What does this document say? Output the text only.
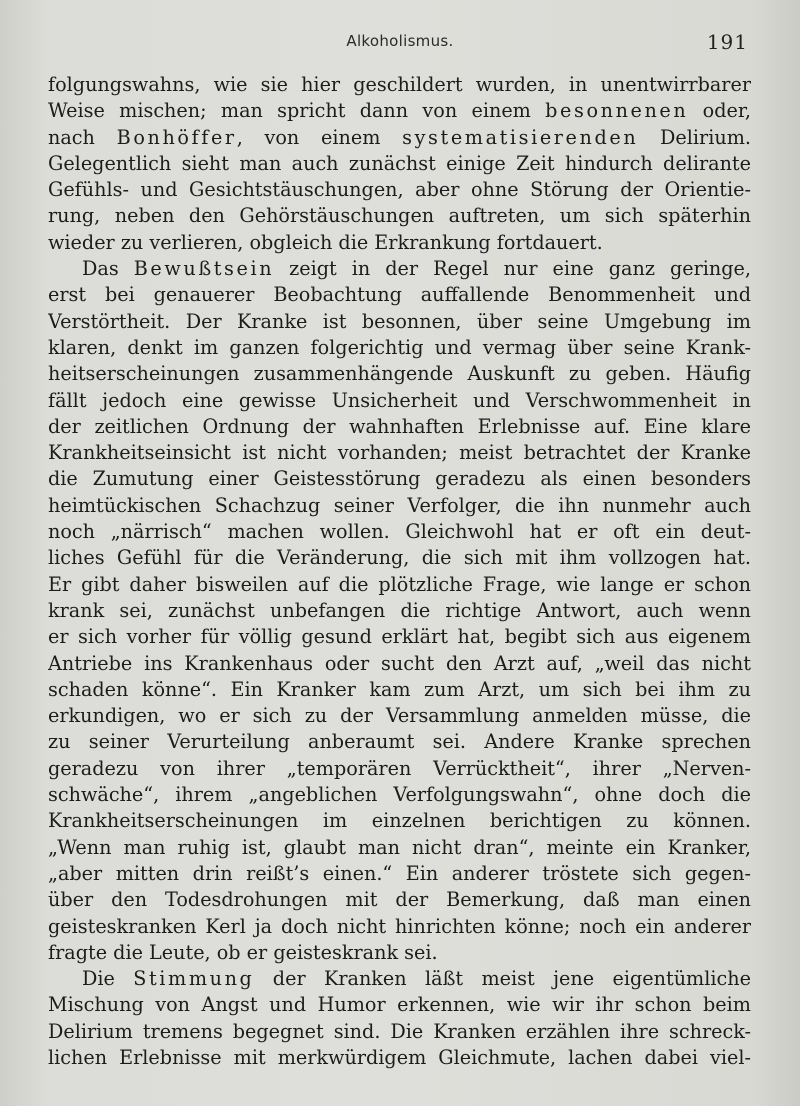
Alkoholismus.	191
folgungswahns, wie sie hier geschildert wurden, in unentwirrbarer
Weise mischen; man spricht dann von einem besonnenen oder,
nach Bonhöffer, von einem systematisierenden Delirium.
Gelegentlich sieht man auch zunächst einige Zeit hindurch delirante
Gefühls- und Gesichtstäuschungen, aber ohne Störung der Orientie-
rung, neben den Gehörstäuschungen auftreten, um sich späterhin
wieder zu verlieren, obgleich die Erkrankung fortdauert.
Das Bewußtsein zeigt in der Regel nur eine ganz geringe,
erst bei genauerer Beobachtung auffallende Benommenheit und
Verstörtheit. Der Kranke ist besonnen, über seine Umgebung im
klaren, denkt im ganzen folgerichtig und vermag über seine Krank-
heitserscheinungen zusammenhängende Auskunft zu geben. Häufig
fällt jedoch eine gewisse Unsicherheit und Verschwommenheit in
der zeitlichen Ordnung der wahnhaften Erlebnisse auf. Eine klare
Krankheitseinsicht ist nicht vorhanden; meist betrachtet der Kranke
die Zumutung einer Geistesstörung geradezu als einen besonders
heimtückischen Schachzug seiner Verfolger, die ihn nunmehr auch
noch „närrisch“ machen wollen. Gleichwohl hat er oft ein deut-
liches Gefühl für die Veränderung, die sich mit ihm vollzogen hat.
Er gibt daher bisweilen auf die plötzliche Frage, wie lange er schon
krank sei, zunächst unbefangen die richtige Antwort, auch wenn
er sich vorher für völlig gesund erklärt hat, begibt sich aus eigenem
Antriebe ins Krankenhaus oder sucht den Arzt auf, „weil das nicht
schaden könne“. Ein Kranker kam zum Arzt, um sich bei ihm zu
erkundigen, wo er sich zu der Versammlung anmelden müsse, die
zu seiner Verurteilung anberaumt sei. Andere Kranke sprechen
geradezu von ihrer „temporären Verrücktheit“, ihrer „Nerven-
schwäche“, ihrem „angeblichen Verfolgungswahn“, ohne doch die
Krankheitserscheinungen im einzelnen berichtigen zu können.
„Wenn man ruhig ist, glaubt man nicht dran“, meinte ein Kranker,
„aber mitten drin reißt’s einen.“ Ein anderer tröstete sich gegen-
über den Todesdrohungen mit der Bemerkung, daß man einen
geisteskranken Kerl ja doch nicht hinrichten könne; noch ein anderer
fragte die Leute, ob er geisteskrank sei.
Die Stimmung der Kranken läßt meist jene eigentümliche
Mischung von Angst und Humor erkennen, wie wir ihr schon beim
Delirium tremens begegnet sind. Die Kranken erzählen ihre schreck-
lichen Erlebnisse mit merkwürdigem Gleichmute, lachen dabei viel-
